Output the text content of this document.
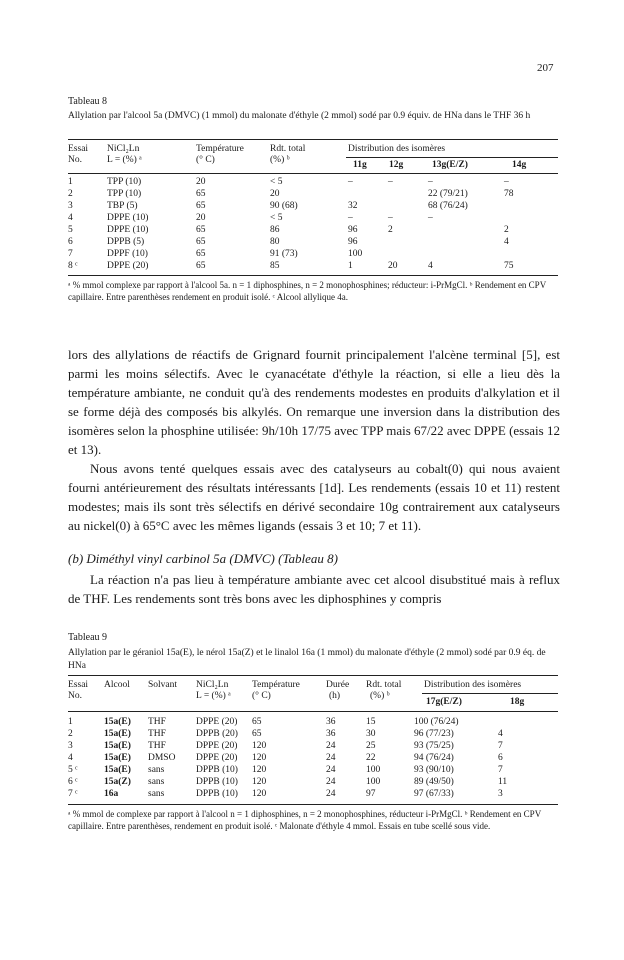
207
Tableau 8
Allylation par l'alcool 5a (DMVC) (1 mmol) du malonate d'éthyle (2 mmol) sodé par 0.9 équiv. de HNa dans le THF 36 h
Essai
No.
NiCl₂Ln
L = (%) ᵃ
Température
(° C)
Rdt. total
(%) ᵇ
Distribution des isomères
11g 12g	13g(E/Z)	14g
1	TPP (10)	20	< 5	–	–	–	–
2	TPP (10)	65	20			22 (79/21)	78
3	TBP (5)	65	90 (68)	32		68 (76/24)	
4	DPPE (10)	20	< 5	–	–	–	
5	DPPE (10)	65	86	96	2		2
6	DPPB (5)	65	80	96			4
7	DPPF (10)	65	91 (73)	100			
8 ᶜ	DPPE (20)	65	85	1	20	4	75
ᵃ % mmol complexe par rapport à l'alcool 5a. n = 1 diphosphines, n = 2 monophosphines; réducteur: i-PrMgCl. ᵇ Rendement en CPV capillaire. Entre parenthèses rendement en produit isolé. ᶜ Alcool allylique 4a.

lors des allylations de réactifs de Grignard fournit principalement l'alcène terminal [5], est parmi les moins sélectifs. Avec le cyanacétate d'éthyle la réaction, si elle a lieu dès la température ambiante, ne conduit qu'à des rendements modestes en produits d'alkylation et il se forme déjà des composés bis alkylés. On remarque une inversion dans la distribution des isomères selon la phosphine utilisée: 9h/10h 17/75 avec TPP mais 67/22 avec DPPE (essais 12 et 13).

Nous avons tenté quelques essais avec des catalyseurs au cobalt(0) qui nous avaient fourni antérieurement des résultats intéressants [1d]. Les rendements (essais 10 et 11) restent modestes; mais ils sont très sélectifs en dérivé secondaire 10g contrairement aux catalyseurs au nickel(0) à 65°C avec les mêmes ligands (essais 3 et 10; 7 et 11).

(b) Diméthyl vinyl carbinol 5a (DMVC) (Tableau 8)

La réaction n'a pas lieu à température ambiante avec cet alcool disubstitué mais à reflux de THF. Les rendements sont très bons avec les diphosphines y compris

Tableau 9
Allylation par le géraniol 15a(E), le nérol 15a(Z) et le linalol 16a (1 mmol) du malonate d'éthyle (2 mmol) sodé par 0.9 éq. de HNa
Essai
No.
Alcool Solvant NiCl₂Ln
L = (%) ᵃ
Température
(° C)
Durée
(h)
Rdt. total
(%) ᵇ
Distribution des isomères
17g(E/Z)	18g
1	15a(E)	THF	DPPE (20)	65	36	15	100 (76/24)	
2	15a(E)	THF	DPPB (20)	65	36	30	96 (77/23)	4
3	15a(E)	THF	DPPE (20)	120	24	25	93 (75/25)	7
4	15a(E)	DMSO	DPPE (20)	120	24	22	94 (76/24)	6
5 ᶜ	15a(E)	sans	DPPB (10)	120	24	100	93 (90/10)	7
6 ᶜ	15a(Z)	sans	DPPB (10)	120	24	100	89 (49/50)	11
7 ᶜ	16a	sans	DPPB (10)	120	24	97	97 (67/33)	3
ᵃ % mmol de complexe par rapport à l'alcool n = 1 diphosphines, n = 2 monophosphines, réducteur i-PrMgCl. ᵇ Rendement en CPV capillaire. Entre parenthèses, rendement en produit isolé. ᶜ Malonate d'éthyle 4 mmol. Essais en tube scellé sous vide.
